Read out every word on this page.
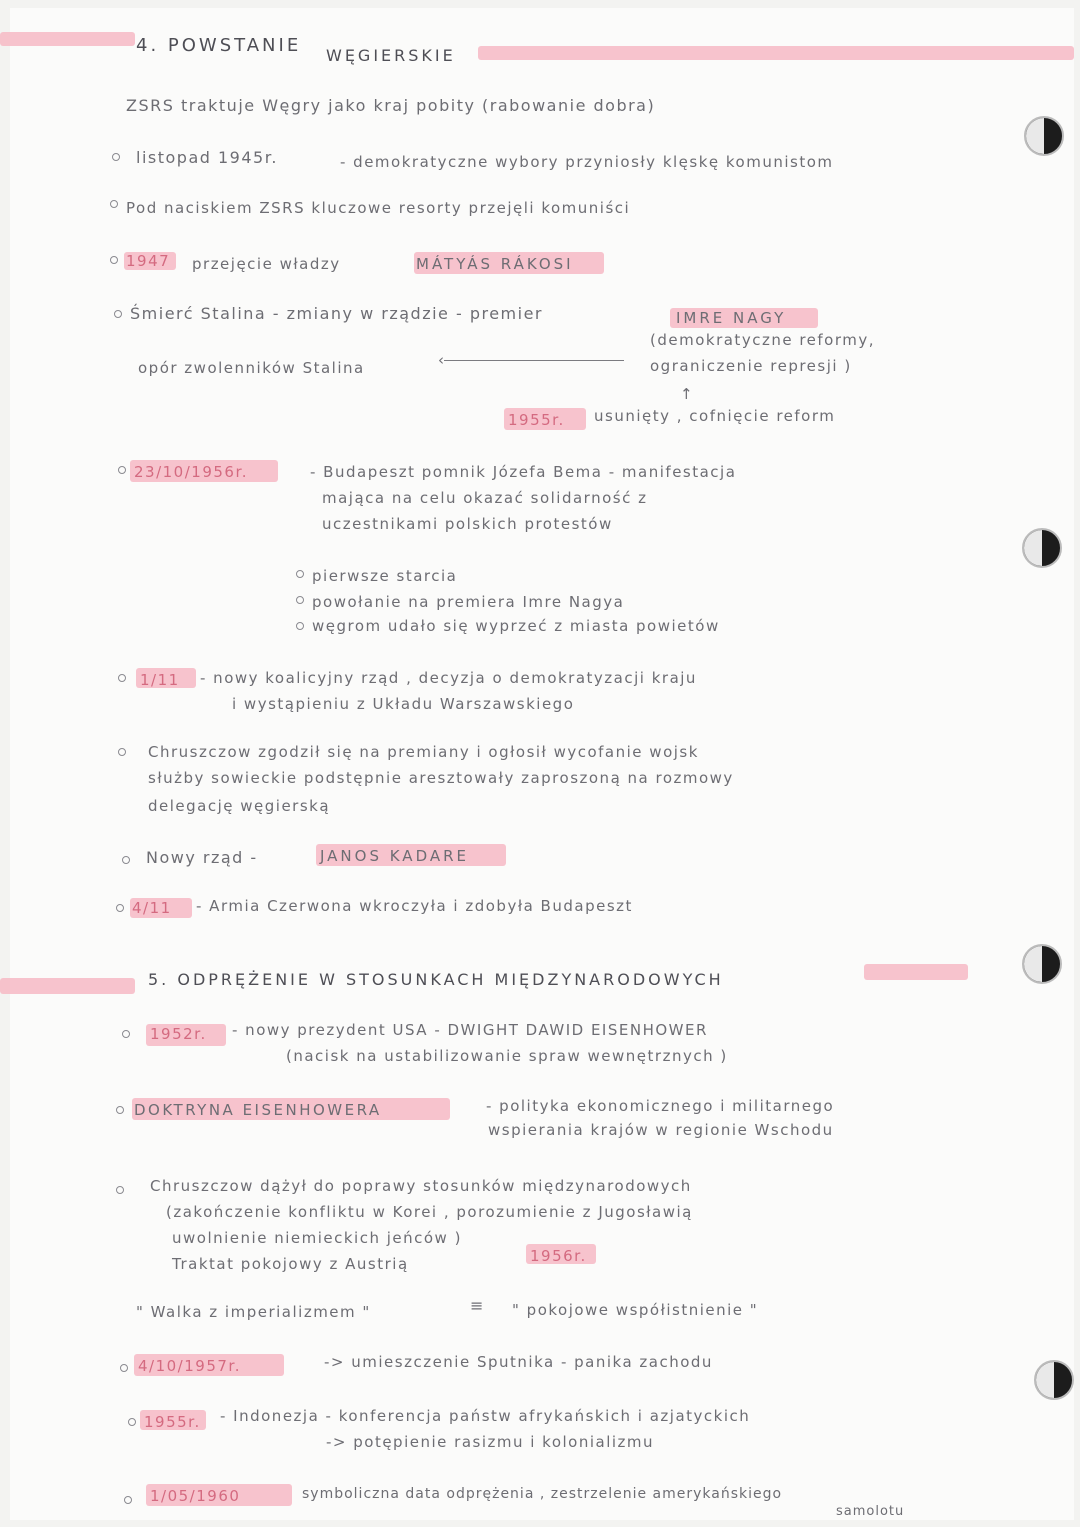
4. POWSTANIE WĘGIERSKIE
ZSRS traktuje Węgry jako kraj pobity (rabowanie dobra)
listopad 1945r.	- demokratyczne wybory przyniosły klęskę komunistom
Pod naciskiem ZSRS kluczowe resorty przejęli komuniści
1947 przejęcie władzy	MÁTYÁS RÁKOSI
Śmierć Stalina - zmiany w rządzie - premier	IMRE NAGY
(demokratyczne reformy,
ograniczenie represji )
opór zwolenników Stalina	‹
↑
1955r. usunięty , cofnięcie reform
23/10/1956r.	- Budapeszt pomnik Józefa Bema - manifestacja
mająca na celu okazać solidarność z
uczestnikami polskich protestów
pierwsze starcia
powołanie na premiera Imre Nagya
węgrom udało się wyprzeć z miasta powietów
1/11 - nowy koalicyjny rząd , decyzja o demokratyzacji kraju
i wystąpieniu z Układu Warszawskiego
Chruszczow zgodził się na premiany i ogłosił wycofanie wojsk
służby sowieckie podstępnie aresztowały zaproszoną na rozmowy
delegację węgierską
Nowy rząd -	JANOS KADARE
4/11 - Armia Czerwona wkroczyła i zdobyła Budapeszt
5. ODPRĘŻENIE W STOSUNKACH MIĘDZYNARODOWYCH
1952r. - nowy prezydent USA - DWIGHT DAWID EISENHOWER
(nacisk na ustabilizowanie spraw wewnętrznych )
DOKTRYNA EISENHOWERA	- polityka ekonomicznego i militarnego
wspierania krajów w regionie Wschodu
Chruszczow dążył do poprawy stosunków międzynarodowych
(zakończenie konfliktu w Korei , porozumienie z Jugosławią
uwolnienie niemieckich jeńców )
Traktat pokojowy z Austrią	1956r.
" Walka z imperializmem "	≡ " pokojowe współistnienie "
4/10/1957r.	-> umieszczenie Sputnika - panika zachodu
1955r. - Indonezja - konferencja państw afrykańskich i azjatyckich
-> potępienie rasizmu i kolonializmu
1/05/1960	symboliczna data odprężenia , zestrzelenie amerykańskiego
samolotu
